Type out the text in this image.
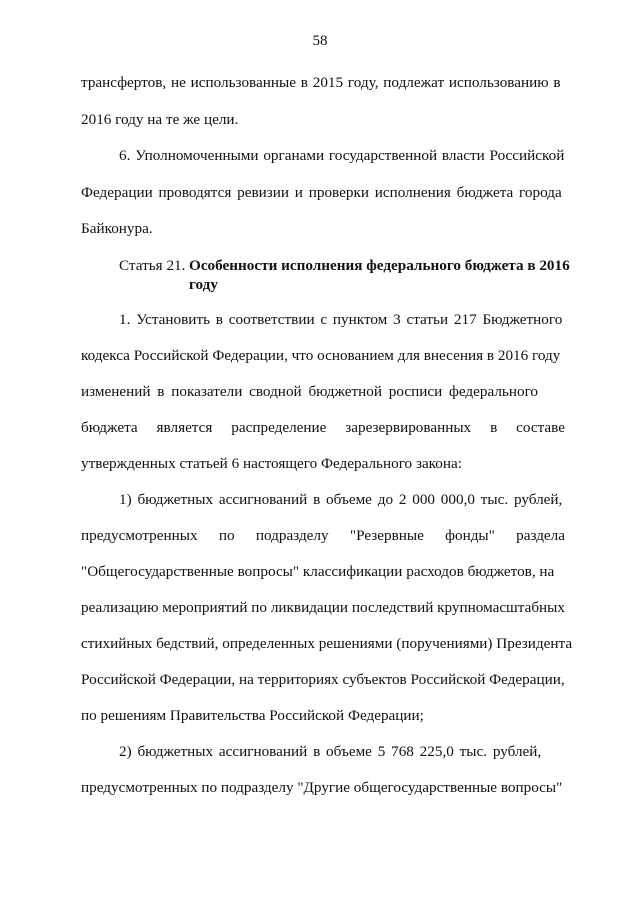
58
трансфертов, не использованные в 2015 году, подлежат использованию в
2016 году на те же цели.
6. Уполномоченными органами государственной власти Российской
Федерации проводятся ревизии и проверки исполнения бюджета города
Байконура.
Статья 21. Особенности исполнения федерального бюджета в 2016
году
1. Установить в соответствии с пунктом 3 статьи 217 Бюджетного
кодекса Российской Федерации, что основанием для внесения в 2016 году
изменений в показатели сводной бюджетной росписи федерального
бюджета является распределение зарезервированных в составе
утвержденных статьей 6 настоящего Федерального закона:
1) бюджетных ассигнований в объеме до 2 000 000,0 тыс. рублей,
предусмотренных по подразделу "Резервные фонды" раздела
"Общегосударственные вопросы" классификации расходов бюджетов, на
реализацию мероприятий по ликвидации последствий крупномасштабных
стихийных бедствий, определенных решениями (поручениями) Президента
Российской Федерации, на территориях субъектов Российской Федерации,
по решениям Правительства Российской Федерации;
2) бюджетных ассигнований в объеме 5 768 225,0 тыс. рублей,
предусмотренных по подразделу "Другие общегосударственные вопросы"
